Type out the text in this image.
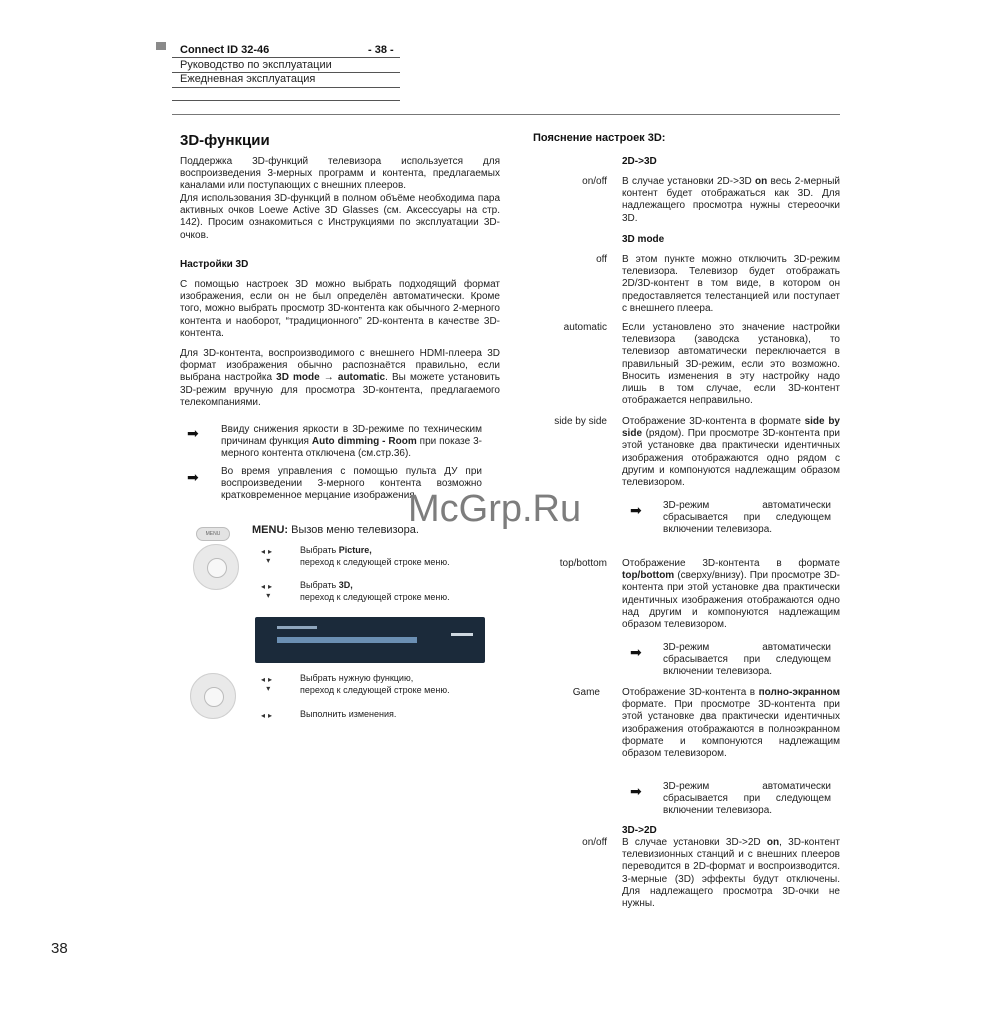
Connect ID 32-46	- 38 -
Руководство по эксплуатации
Ежедневная эксплуатация
3D-функции
Поддержка 3D-функций телевизора используется для воспроизведения 3-мерных программ и контента, предлагаемых каналами или поступающих с внешних плееров.
Для использования 3D-функций в полном объёме необходима пара активных очков Loewe Active 3D Glasses (см. Аксессуары на стр. 142). Просим ознакомиться с Инструкциями по эксплуатации 3D-очков.
Настройки 3D
С помощью настроек 3D можно выбрать подходящий формат изображения, если он не был определён автоматически. Кроме того, можно выбрать просмотр 3D-контента как обычного 2-мерного контента и наоборот, “традиционного” 2D-контента в качестве 3D-контента.
Для 3D-контента, воспроизводимого с внешнего HDMI-плеера 3D формат изображения обычно распознаётся правильно, если выбрана настройка 3D mode → automatic. Вы можете установить 3D-режим вручную для просмотра 3D-контента, предлагаемого телекомпаниями.
➡ Ввиду снижения яркости в 3D-режиме по техническим причинам функция Auto dimming - Room при показе 3-мерного контента отключена (см.стр.36).
➡ Во время управления с помощью пульта ДУ при воспроизведении 3-мерного контента возможно кратковременное мерцание изображения.
MENU	MENU: Вызов меню телевизора.
◂▸
▾
Выбрать Picture,
переход к следующей строке меню.
◂▸
▾
Выбрать 3D,
переход к следующей строке меню.
◂▸
▾
Выбрать нужную функцию,
переход к следующей строке меню.
◂▸	Выполнить изменения.
Пояснение настроек 3D:
2D->3D
on/off В случае установки 2D->3D on весь 2-мерный контент будет отображаться как 3D. Для надлежащего просмотра нужны стереоочки 3D.
3D mode
off В этом пункте можно отключить 3D-режим телевизора. Телевизор будет отображать 2D/3D-контент в том виде, в котором он предоставляется телестанцией или поступает с внешнего плеера.
automatic Если установлено это значение настройки телевизора (заводска установка), то телевизор автоматически переключается в правильный 3D-режим, если это возможно. Вносить изменения в эту настройку надо лишь в том случае, если 3D-контент отображается неправильно.
side by side Отображение 3D-контента в формате side by side (рядом). При просмотре 3D-контента при этой установке два практически идентичных изображения отображаются одно рядом с другим и компонуются надлежащим образом телевизором.
➡ 3D-режим автоматически сбрасывается при следующем включении телевизора.
top/bottom Отображение 3D-контента в формате top/bottom (сверху/внизу). При просмотре 3D-контента при этой установке два практически идентичных изображения отображаются одно над другим и компонуются надлежащим образом телевизором.
➡ 3D-режим автоматически сбрасывается при следующем включении телевизора.
Game Отображение 3D-контента в полно-экранном формате. При просмотре 3D-контента при этой установке два практически идентичных изображения отображаются в полноэкранном формате и компонуются надлежащим образом телевизором.
➡ 3D-режим автоматически сбрасывается при следующем включении телевизора.
3D->2D
on/off В случае установки 3D->2D on, 3D-контент телевизионных станций и с внешних плееров переводится в 2D-формат и воспроизводится. 3-мерные (3D) эффекты будут отключены. Для надлежащего просмотра 3D-очки не нужны.
McGrp.Ru
38
